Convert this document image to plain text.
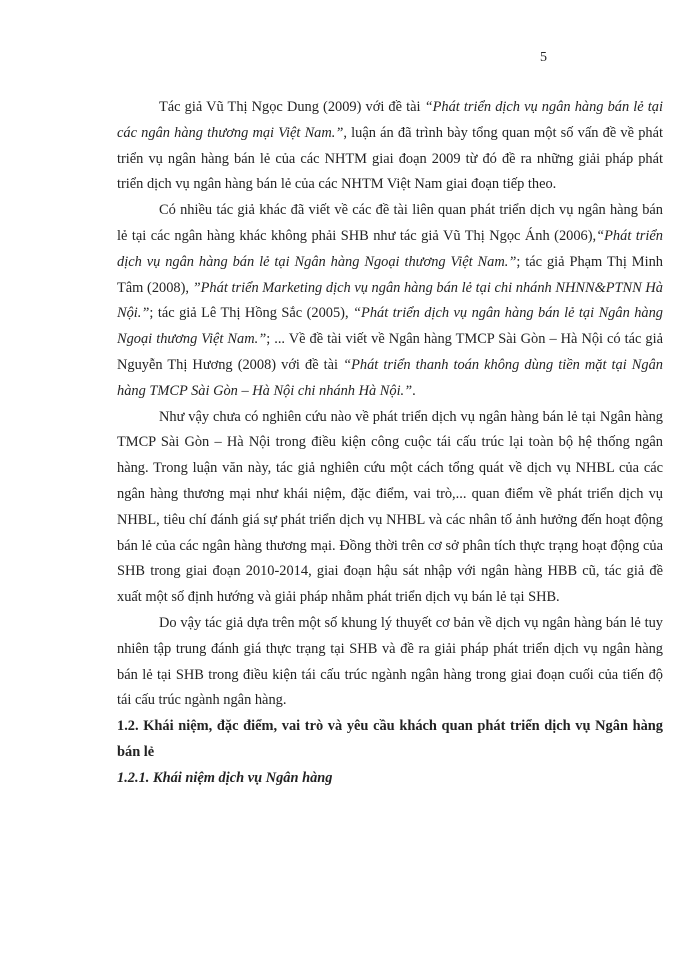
5

Tác giả Vũ Thị Ngọc Dung (2009) với đề tài “Phát triển dịch vụ ngân hàng bán lẻ tại các ngân hàng thương mại Việt Nam.”, luận án đã trình bày tổng quan một số vấn đề về phát triển vụ ngân hàng bán lẻ của các NHTM giai đoạn 2009 từ đó đề ra những giải pháp phát triển dịch vụ ngân hàng bán lẻ của các NHTM Việt Nam giai đoạn tiếp theo.

Có nhiều tác giả khác đã viết về các đề tài liên quan phát triển dịch vụ ngân hàng bán lẻ tại các ngân hàng khác không phải SHB như tác giả Vũ Thị Ngọc Ánh (2006),“Phát triển dịch vụ ngân hàng bán lẻ tại Ngân hàng Ngoại thương Việt Nam.”; tác giả Phạm Thị Minh Tâm (2008), ”Phát triển Marketing dịch vụ ngân hàng bán lẻ tại chi nhánh NHNN&PTNN Hà Nội.”; tác giả Lê Thị Hồng Sắc (2005), “Phát triển dịch vụ ngân hàng bán lẻ tại Ngân hàng Ngoại thương Việt Nam.”; ... Về đề tài viết về Ngân hàng TMCP Sài Gòn – Hà Nội có tác giả Nguyễn Thị Hương (2008) với đề tài “Phát triển thanh toán không dùng tiền mặt tại Ngân hàng TMCP Sài Gòn – Hà Nội chi nhánh Hà Nội.”.

Như vậy chưa có nghiên cứu nào về phát triển dịch vụ ngân hàng bán lẻ tại Ngân hàng TMCP Sài Gòn – Hà Nội trong điều kiện công cuộc tái cấu trúc lại toàn bộ hệ thống ngân hàng. Trong luận văn này, tác giả nghiên cứu một cách tổng quát về dịch vụ NHBL của các ngân hàng thương mại như khái niệm, đặc điểm, vai trò,... quan điểm về phát triển dịch vụ NHBL, tiêu chí đánh giá sự phát triển dịch vụ NHBL và các nhân tố ảnh hưởng đến hoạt động bán lẻ của các ngân hàng thương mại. Đồng thời trên cơ sở phân tích thực trạng hoạt động của SHB trong giai đoạn 2010-2014, giai đoạn hậu sát nhập với ngân hàng HBB cũ, tác giả đề xuất một số định hướng và giải pháp nhằm phát triển dịch vụ bán lẻ tại SHB.

Do vậy tác giả dựa trên một số khung lý thuyết cơ bản về dịch vụ ngân hàng bán lẻ tuy nhiên tập trung đánh giá thực trạng tại SHB và đề ra giải pháp phát triển dịch vụ ngân hàng bán lẻ tại SHB trong điều kiện tái cấu trúc ngành ngân hàng trong giai đoạn cuối của tiến độ tái cấu trúc ngành ngân hàng.

1.2. Khái niệm, đặc điểm, vai trò và yêu cầu khách quan phát triển dịch vụ Ngân hàng bán lẻ

1.2.1. Khái niệm dịch vụ Ngân hàng
